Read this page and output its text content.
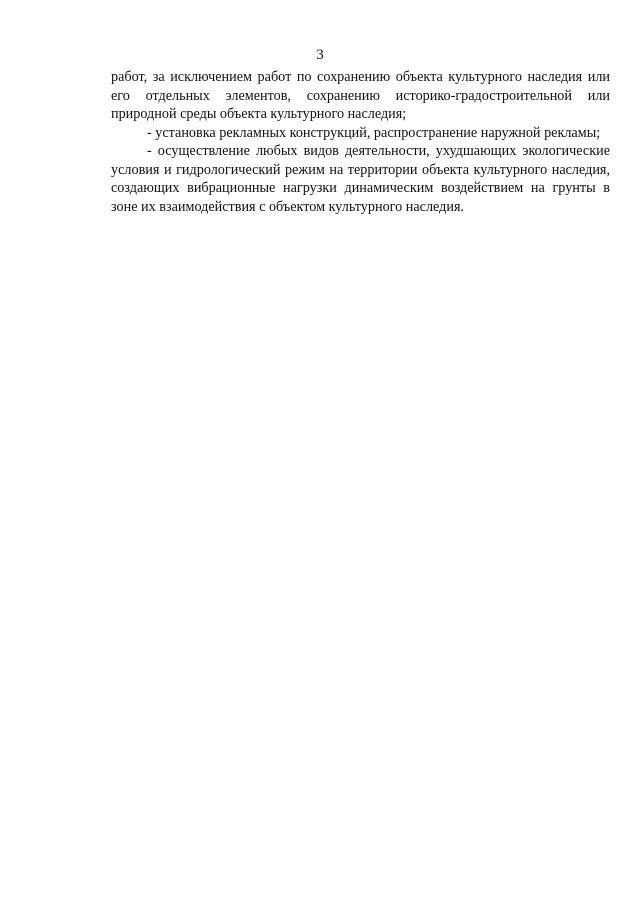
3

работ, за исключением работ по сохранению объекта культурного наследия или его отдельных элементов, сохранению историко-градостроительной или природной среды объекта культурного наследия;

- установка рекламных конструкций, распространение наружной рекламы;

- осуществление любых видов деятельности, ухудшающих экологические условия и гидрологический режим на территории объекта культурного наследия, создающих вибрационные нагрузки динамическим воздействием на грунты в зоне их взаимодействия с объектом культурного наследия.
